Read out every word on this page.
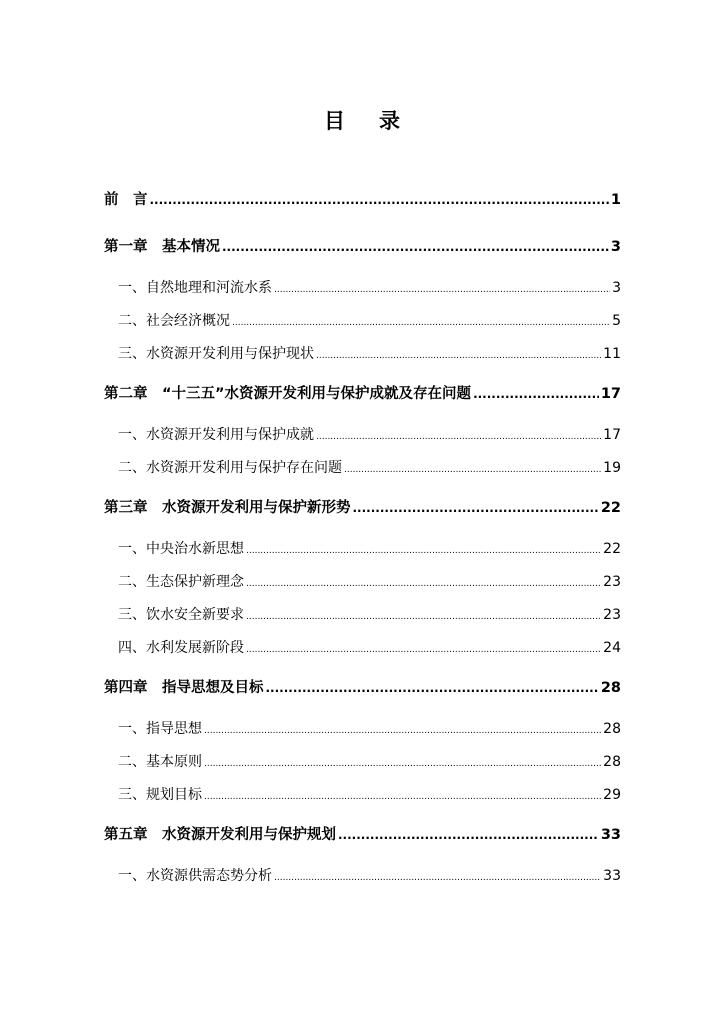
目 录
前　言 .....	1
第一章　基本情况 .....	3
一、自然地理和河流水系 .....	3
二、社会经济概况 .....	5
三、水资源开发利用与保护现状 .....	11
第二章　“十三五”水资源开发利用与保护成就及存在问题 .....	17
一、水资源开发利用与保护成就 .....	17
二、水资源开发利用与保护存在问题 .....	19
第三章　水资源开发利用与保护新形势 .....	22
一、中央治水新思想 .....	22
二、生态保护新理念 .....	23
三、饮水安全新要求 .....	23
四、水利发展新阶段 .....	24
第四章　指导思想及目标 .....	28
一、指导思想 .....	28
二、基本原则 .....	28
三、规划目标 .....	29
第五章　水资源开发利用与保护规划 .....	33
一、水资源供需态势分析 .....	33
